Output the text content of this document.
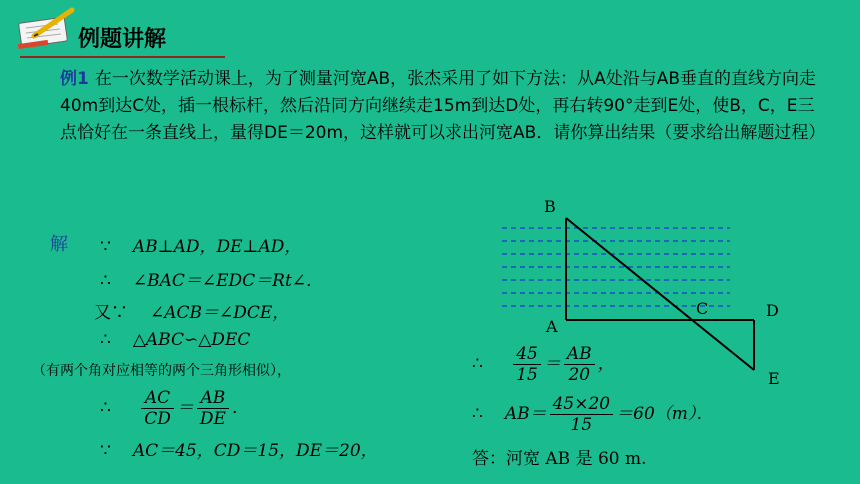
例题讲解
例1 在一次数学活动课上，为了测量河宽AB，张杰采用了如下方法：从A处沿与AB垂直的直线方向走40m到达C处，插一根标杆，然后沿同方向继续走15m到达D处，再右转90°走到E处，使B，C，E三点恰好在一条直线上，量得DE＝20m，这样就可以求出河宽AB．请你算出结果（要求给出解题过程）
解 ∵ AB⊥AD，DE⊥AD，
∴ ∠BAC＝∠EDC＝Rt∠．
又∵ ∠ACB＝∠DCE，
∴ △ABC∽△DEC
（有两个角对应相等的两个三角形相似），
∴ $\frac{AC}{CD} = \frac{AB}{DE}$ ．
∵ AC＝45，CD＝15，DE＝20，
∴ $\frac{45}{15} = \frac{AB}{20}$ ，
∴ $AB= \frac{45\times 20}{15} =60(m)$．
答：河宽 AB 是 60 m.
B
A
C	D
E
